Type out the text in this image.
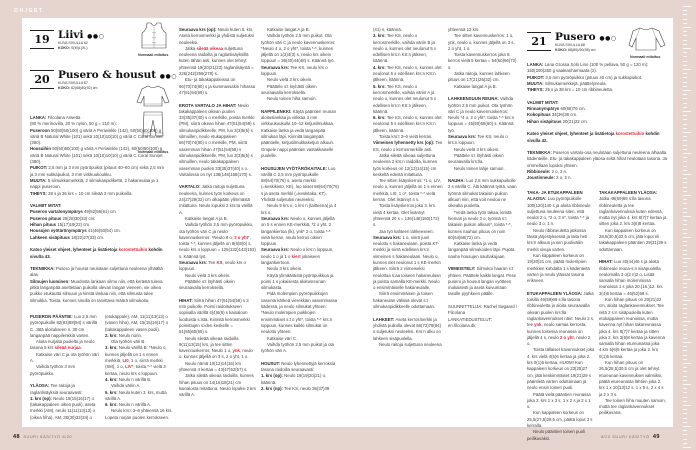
OHJEET
19 Liivi ●●○
KUVA SIVULLA 62
KOKO: S(M)L(XL)
Normaali mitoitus
20 Pusero & housut ●●○
KUVA SIVULLA 67
KOKO: 62(68)80(92) cm
Normaali mitoitus

LANKA: Filcolana Arwetta

(80 % merinovilla, 20 % nylon, 50 g = 210 m):

Puseroon 50(50)50(100) g väriä A Periwinkle (142), 50(50)50(100) g väriä B Natural White (101) sekä 10(10)10(10) g väriä C Coral Sunset (380).

Housuihin 50(50)50(100) g väriä A Periwinkle (142), 50(50)50(100) g väriä B Natural White (101) sekä 10(10)10(10) g väriä C Coral Sunset (380).

PUIKOT: 2,5 mm ja 3 mm pyöröpuikot (pituus 40–60 cm) sekä 2,5 mm ja 3 mm sukkapuikot, 3 mm virkkuukoukku.

MUUTA: 5 silmukkamerkkiä, 2 silmukanpidikettä, 2 hakaneulaa ja 1 nappi puseroon.

TIHEYS: 28 s ja 36 krs = 10 cm sileää 3 mm puikoilla.

VALMIIT MITAT:

Puseron vartalonympärys 49(52)56(61) cm.

Puseron pituus 25(28)30(33) cm.

Hihan pituus 15(17)19(22) cm.

Housujen vyötärönympärys 41(46)50(54) cm.

Lahkeen sisäpituus 18(22)27(33) cm.

Katso yleiset ohjeet, lyhenteet ja lisätietoja korostettuihin kohdin sivulta 43.

TEKNIIKKA: Pusero ja housut neulotaan suljettuna neuleena ylhäältä alas.

Silmujen luominen: Muodosta lankaan silmu niin, että kerästä tuleva pitkä langanpää asettetaan puikolla olevan langan vieneen, vie oikea puikko etukautta silmuun ja kiristä lankaa niin, että silmusta tulee silmukka. Toista, kunnes sinulla on tarvittava määrä silmukoita.

PUSERON PÄÄNTIE: Luo 2,5 mm pyöröpuikolle 82(83)88(94) s värillä C. Jätä aloitukseen n. 30 cm langanpää nappilenkkiä varten.

Aloita nurjalta puolelta ja neulo tasona 5 krs sileää nurjaa.

Katkaise väri C ja ota työhön väri A.

Vaihda työhön 3 mm pyöröpuikko.

YLÄOSA: Tee raitoja ja raglanlisäyksiä seuraavasti:

1. krs (op): Neulo 15(15)16(17) o (takakappaleen oikea puoli), aseta merkki (AM), neulo 11(11)13(13) o (oikea hiha), AM, 30(30)32(34) o

(etukappale), AM, 11(11)13(13) o (vasen hiha), AM, 15(15)16(17) o (takakappaleen vasen puoli).

2. krs: Neulo nurin.

Ota työhön väri B.

3. krs: Neulo värillä B: *Neulo o, kunnes jäljellä on 1 s ennen merkkiä, LI0, 1 o, siirrä merkki (SM), 1 o, LIV*, toista *-* vielä 3 kertaa, neulo krs o loppuun.

4. krs: Neulo n värillä B.

Vaihda väriin A.

5. krs: Neulo kuten 3. krs, mutta värillä A.

6. krs: Neulo n värillä A.

Neulo krs:t 3–6 yhteensä 16 krs. Lopeta nurjan puolen kerrokseen.

Seuraava krs (op): Neulo kuten 5. krs. Aseta kerrosmerkki ja yhdistä suljetuksi neuleeksi.

Jatka sileää oikeaa suljettuna neuleena raidoilla ja raglanlisäyksillä kuten tähän asti, kunnes olet tehnyt yhteensä 18(20)21(23) raglanlisäystä = 226(242)256(278) s.

Etu- ja takakappaleissa on 66(70)74(80) s ja kummassakin hihassa 47(51)54(59) s.

EROTA VARTALO JA HIHAT: Neulo takakappaleen oikean puolen 33(35)37(40) s o merkille, poista merkki (PM), siirrä oikean hihan 47(51)54(59) s silmukanpidikkeelle, PM, luo 3(3)5(5) s silmuillen, neulo etukappaleen 66(70)74(80) s o merkille, PM, siirrä vasemman hihan 47(51)54(59) s silmukanpidikkeelle, PM, luo 3(3)5(5) s silmuillen, neulo takakappaleen vasemman puolen 33(35)37(40) s o. Vartalossa on nyt 138(146)158(170) s.

VARTALO: Jatka raitoja suljettuna neuleena, kunnes työn korkeus on 24(27)29(32) cm olkapään ylimmästä mitattuna. Neulo lopuksi 2 krs:ta värillä A.

Katkaise langat A ja B.

Vaihda työhön 2,5 mm pyöröpuikko, ota työhön väri C ja neulo kavennuskerros: *Neulo 8 o, 2 o yht*, toista *-*, kunnes jäljellä on 8(6)8(0) s, neulo krs o loppuun = 125(132)143(153) s. Käännä työ.

Seuraava krs: Tee KS, neulo krs o loppuun.

Neulo vielä 3 krs oikein.

Päättele s:t löyhästi oikein seuraavalla kerroksella.

HIHAT: Siirrä hihan 47(51)54(59) s 3 mm puikolle. Poimi raidoitukseen sopivalla värillä 4(4)6(6) s kainaloon luoduista s:ista. Kiinnitä kerrosmerkki poimittujen s:iden keskelle = 51(55)60(65) s.

Neulo sileää oikeaa raidoilla 9(11)13(15) krs, ja tee sitten kavennuskerros: Neulo 1 o, ynk, neulo o, kunnes jäljellä on 3 s, 2 o yht, 1 o.

Neulo nämä 10(12)14(16) krs yhteensä 4 kertaa = 43(47)52(57) s.

Jatka sileää oikeaa raidoilla, kunnes hihan pituus on 14(16)18(21) cm kainalosta mitattuna. Neulo lopuksi 2 krs värillä A.

Katkaise langat A ja B.

Vaihda työhön 2,5 mm puikot. Ota työhön väri C ja neulo kavennuskerros: *Neulo 4 o, 2 o yht*, toista *-*, kunnes jäljellä on 1(3)4(3) s, neulo krs oikein loppuun = 36(40)44(48) s. Käännä työ.

Seuraava krs: Tee KS, neulo krs o loppuun.

Neulo vielä 3 krs oikein.

Päättele s:t löyhästi oikein seuraavalla kerroksella.

Neulo toinen hiha samoin.

NAPPILENKKI: Käytä pääntien reunan aloituslankaa ja virkkaa 3 mm virkkuukoukulla 10–12 ketjusilmukkaa. Katkaise lanka ja vedä langanpää silmukan läpi. Kiinnitä langanpää pääntielle, ketjusilmukkaketjun alkuun. Ompele nappi pääntien vastakkaiselle puolelle.

HOUSUJEN VYÖTÄRÖKAITALE: Luo värillä C 2,5 mm pyöröpuikolle 58(64)70(76) s, aseta merkki (=keskikieto, KE), luo toiset 58(64)70(76) s ja aseta merkki (=keskitaka, KT). Yhdistä suljetuksi neuleeksi.

Neulo 9 krs o, 1 krs n (taitteena) ja 4 krs o.

Seuraava krs: Neulo o, kunnes jäljellä on 5 s ennen KE-merkkiä, *2 o yht, 2 langankiertoa (lk), ynk* 2 o, toista *-* vielä kerran, neulo kerros oikein loppuun.

Seuraava krs: Neulo o krs:n loppuun, neulo 1 o ja 1 o kiert jokaiseen langankiertoon.

Neulo 3 krs oikein.

Käytä ylimääräistä pyöröpuikkoa ja poimi 1 s jokaisesta aloitusreunan silmukasta.

Pidä molempien pyöröpuikkojen vasenta kärkeä vierekkäin vasemmassa kädessä, ja neulo silmukat yhteen: *Neulo molempien puikkojen ensimmäiset s:t o yht*, toista *-* krs:n loppuun, kunnes kaikki silmukat on neulottu yhteen.

Katkaise väri C.

Vaihda työhön 2,5 mm puikot ja ota työhön väri A.

HOUSUT: Neulo lyhennettyjä kerroksia tasona raidoilla seuraavasti:

1. krs (op): Neulo 18(19)20(21) o, käännä.

2. krs (np): Tee KS, neulo 35(37)39

(41) n, käännä.

3. krs: Tee KS, neulo o kerrosmerkille, vaihda väriin B ja neulo o, kunnes olet neulonut 5 s edellisen krs:n KS:n jälkeen, käännä.

4. krs: Tee KS, neulo n, kunnes olet neulonut 5 s edellisen krs:n KS:n jälkeen, käännä.

5. krs: Tee KS, neulo o kerrosmerkille, vaihda väriin A ja neulo o, kunnes olet neulonut 5 s edellisen krs:n KS:n jälkeen, käännä.

6. krs: Tee KS, neulo n, kunnes olet neulonut 5 s edellisen krs:n KS:n jälkeen, käännä.

Toista krs:t 3–6 vielä kerran.

Viimeinen lyhennetty krs (op): Tee KS, neulo o kerrosmerkille asti.

Jatka sileää oikeaa suljettuna neuleena 2 krs:n raidoilla, kunnes työn korkeus on 12(13)14(15) cm keskeltä edestä mitattuna.

Tee sitten lisäyskerros: *1 o, LIV, neulo o, kunnes jäljellä on 1 s ennen merkkiä, LI0, 1 o*, toista *-* vielä kerran. Olet lisännyt 4 s.

Toista lisäyskerros joka 3. krs vielä 4 kertaa. Olet lisännyt yhteensä 20 s = 136(148)160(172) s.

Jaa työ kahteen lahkeeseen:

Seuraava krs: 1 o, siirrä juuri neulottu s hakaneulaan, poista KT-merkki ja siirrä edellisen krs:n viimeinen s hakaneulaan. Neulo o, kunnes olet neulonut 1 s KE-merkin jälkeen. Siirrä 2 viimeiseksi neulottua s:aa toiseen hakaneulaan ja poista samalla KE-merkki. Neulo o ensimmäiselle hakaneulalle.

Siirrä ensimmäisen ja toisen hakaneulan välissä olevat s:t silmukanpidikkeelle odottamaan.

LAHKEET: Aseta kerrosmerkki ja yhdistä puikolla olevat 66(72)78(84) s suljetuksi neuleeksi. Krs:n alku on lahkeen sisäpuolella.

Neulo raitoja suljettuna neuleena

yhteensä 13 krs.

Tee sitten kavennuskerros: 1 o, ynk, neulo o, kunnes jäljellä on 3 s, 2 o yht, 1 o.

Toista kavennuskerros joka 8. kerros vielä 5 kertaa = 54(60)66(72) s.

Jatka raitoja, kunnes lahkeen pituus on 17(21)26(32) cm.

Katkaise langat A ja B.

LAHKEENSUUN REUNA: Vaihda työhön 2,5 mm puikot. Ota työhön väri C ja neulo kavennuskerros: Neulo *4 o, 2 o yht*, toista *-* krs:n loppuun = 45(50)55(60) s. Käännä työ.

Seuraava krs: Tee KS, neulo o krs:n loppuun.

Neulo vielä 3 krs oikein.

Päättele s:t löyhästi oikein seuraavalla krs:lla.

Neulo toinen lahje samoin.

NAUHA: Luo 2,5 mm sukkapuikolle 3 s värillä C. Älä käännä työtä, vaan työnnä silmukat takaisin puikon alkuun niin, että voit neuloa ne oikealta puolelta.

*Vedä lanka työn takaa, kiristä hieman ja neulo 3 o, työnnä s:t takaisin puikon alkuun*, toista *-*, kunnes nauhan pituus on noin 60(64)68(72) cm.

Katkaise lanka ja vedä langanpää silmukoiden läpi. Pujota nauha housujen nauhakujaan.

VIIMEISTELY: Silmukoi haaran s:t yhteen. Päättele kaikki langat. Pese pusero ja housut langan vyötteen mukaisesti ja aseta kuivumaan tasolle pyyhkeen päälle.

SUUNNITTELIJA: Rachel Søgaard / Filcolana

LANKATIEDUSTELUT: en.filcolana.dk

21 Pusero ●●○
KUVA SIVULLA 68
KOKO: 68(80)/90(98) cm
Normaali mitoitus

LANKA: Lana Grossa Solo Lino (100 % pellava, 50 g = 120 m): 150(200)250 g vaaleanharmaata (2).

PUIKOT: 3,5 mm pyöröpuikko (pituus 40 cm) ja sukkapuikot.

MUUTA: Silmukamerkkejä, päättelyneula.

TIHEYS: 25 s ja 38 krs = 10 cm ribbineuletta.

VALMIIT MITAT:

Rinnanympärys 60(68)76 cm.

Kokopituus 34(36)38 cm.

Hihan sisäpituus 20(21)22 cm.

Katso yleiset ohjeet, lyhenteet ja lisätietoja korostettuihin kohdin sivulla 42.

TEKNIIKKA: Puseron vartalo-osa neulotaan suljettuna neuleena alhaalta kädenteille. Etu- ja takakappaleen yläosa sekä hihat neulotaan tasona. Ja ommellaan lopuksi yhteen.

Ribbineule: 2 o, 3 n.

Joustinneule: 2 o, 2 n.

TAKA- JA ETUKAPPALEEN ALAOSA: Luo pyöröpuikolle 100(120)140 s ja aloita ribbineule suljettuna neuleena siten, että neulot 2 o, *2 o, 3 n*, toista *-* ja neulo 3 o, 1 n.

Neulo ribbineuletta jatkossa tässä järjestyksessä ja laita heti krs:n alkuun ja sen puoliväliin merkit sivuja varten.

Kun kappaleen korkeus on 19(20)21 cm, päätä molempien merkkien kohdalta 1 s kädenteitä varten ja neulo yläosat tasona erikseen.

ETUKAPPALEEN YLÄOSA: Jatka toisilla 49(59)69 s:lla tasona ribbineuletta ja aloita seuraavalla oikean puolen krs:lla raglankavennukset näin: Neulo 2 s, tee ynk, neulo samaa kerrosta, kunnes toisessa reunassa on jäljellä 4 s, neulo 2 o yht, neulo 2 o.

Toista tällaiset kavennukset joka 4. krs vielä 4(5)6 kertaa ja joka 2. krs 0(1)5 kertaa. HUOM! Kun kappaleen korkeus on 23(25)27 cm, jätä keskimmäiset 19(21)29 s pääntietä varten odottamaan ja neulo ensin toinen puoli.

Päätä vielä pääntien reunassa joka 2. krs 1 x 3 s, 1 x 2 s ja 2 x 1 s.

Kun kappaleen korkeus on 25,5(27,5)29,5 cm, päätä loput 3 s kerralla.

Neulo pääntien toinen puoli peilikuvaksi.

TAKAKAPPALEEN YLÄOSA: Jatka 49(59)69 s:lla tasona ribbineuletta ja tee raglankavennuksia kuten edessä, mutta nyt joka 4. krs 8(7)7 kertaa ja sitten joka 2. krs 3(6)8 kertaa.

Kun kappaleen korkeus on 28,5(30,5)32,5 cm, jätä loput eli takakappaleen pääntien 29(31)39 s odottamaan.

HIHAT: Luo 40(44)46 s ja aloita ribbineule reuna-s:n sisäpuolella neulomalla 3 o(2 n)2 o. Lisää samalla hihan molemmissa reunoissa 1 s joka 20.(16.)12. krs 3(4)6 kertaa = 46(52)58 s.

Kun hihan pituus on 20(21)22 cm, aloita raglankavennukset. Tee niitä 2 s:n sisäpuolella kuten etukappaleen reunoissa, mutta kavenna nyt hihan takareunassa joka 4. krs 8(7)7 kertaa ja sitten joka 2. krs 3(6)8 kertaa ja kavenna samalla hihan etureunassa joka 4.krs 5(6)5 kertaa ja joka 2. krs 0(1)5 kertaa.

Kun hihan pituus on 26,5(28,5)30,5 cm ja olet tehnyt etureunan kavennukset valmiiksi, päätä etureunasta lähtien joka 2. krs 1 x 10(13)12 s, 1 x 5 s, 2 x 4 s ja 2 x 3 s.

Tee toinen hiha muuten samoin, mutta tee raglankavennukset peilikuvana.

48 SUURI KÄSITYÖ 8/20	8/20 SUURI KÄSITYÖ 49
